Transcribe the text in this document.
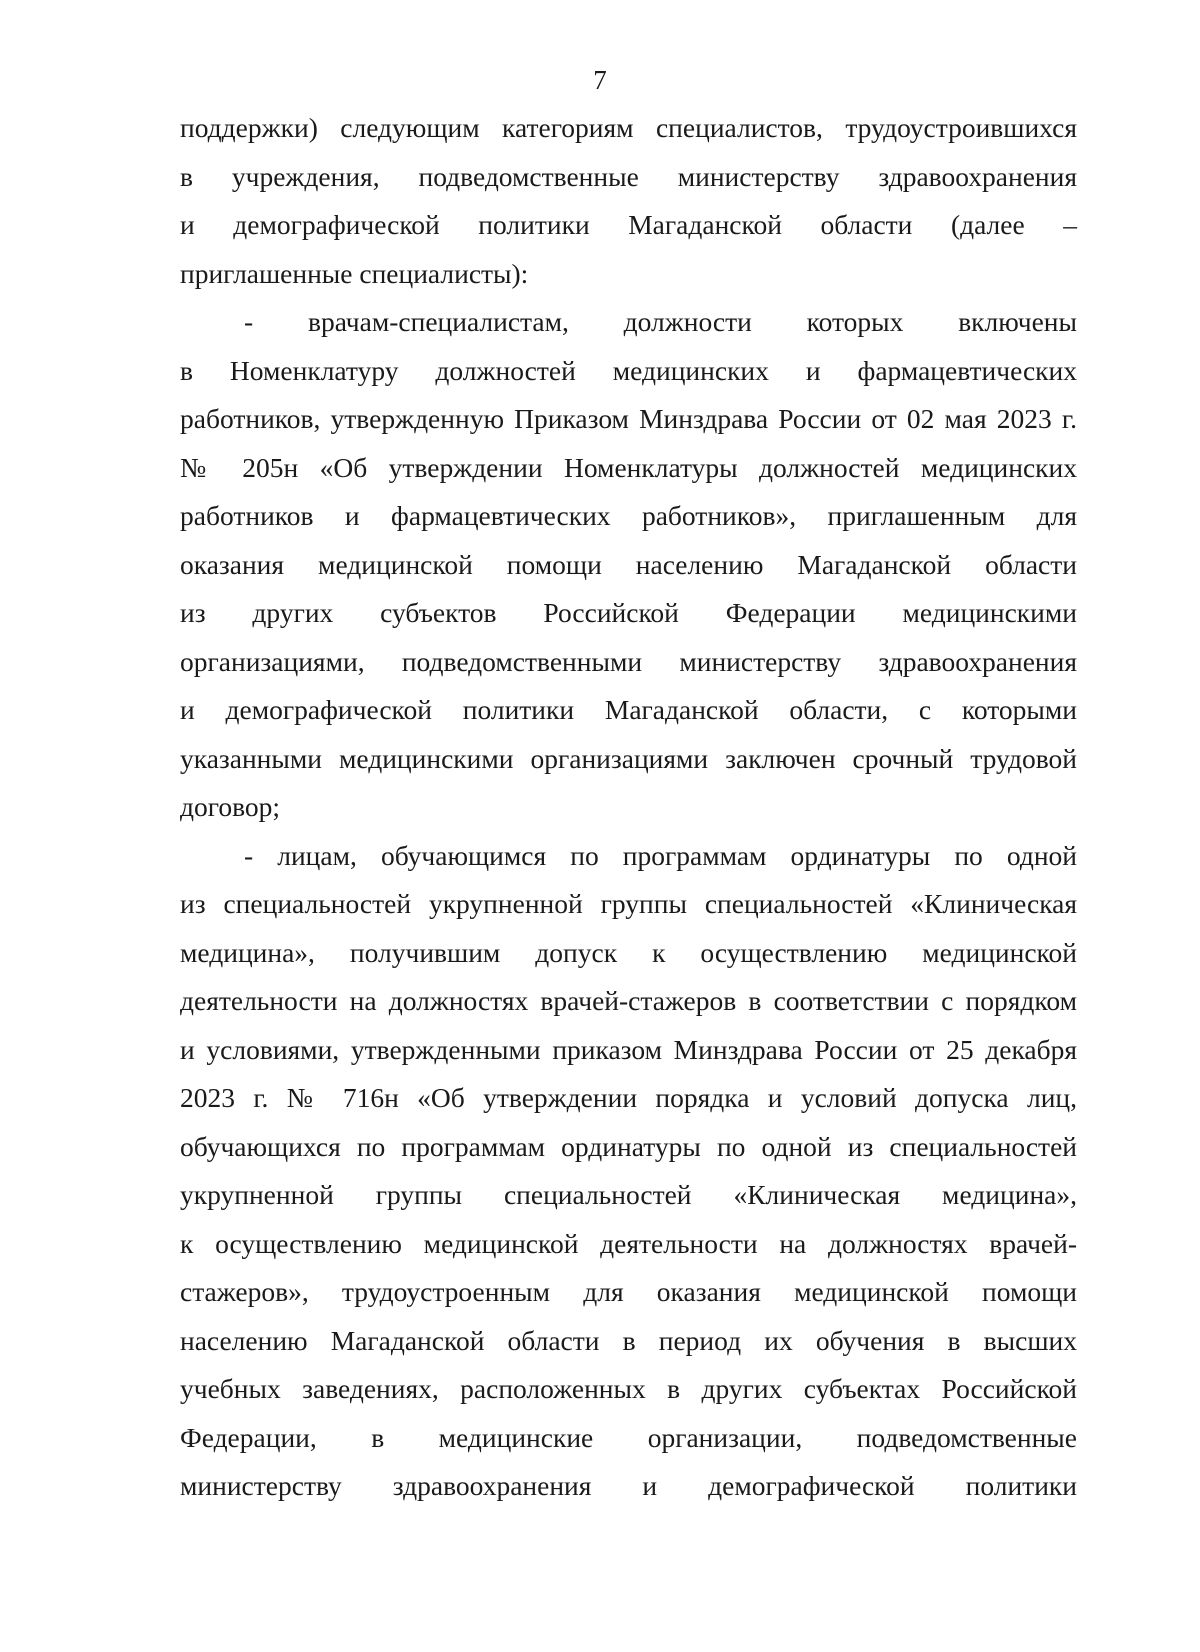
7

поддержки) следующим категориям специалистов, трудоустроившихся

в учреждения, подведомственные министерству здравоохранения

и демографической политики Магаданской области (далее –

приглашенные специалисты):

- врачам-специалистам, должности которых включены

в Номенклатуру должностей медицинских и фармацевтических

работников, утвержденную Приказом Минздрава России от 02 мая 2023 г.

№ 205н «Об утверждении Номенклатуры должностей медицинских

работников и фармацевтических работников», приглашенным для

оказания медицинской помощи населению Магаданской области

из других субъектов Российской Федерации медицинскими

организациями, подведомственными министерству здравоохранения

и демографической политики Магаданской области, с которыми

указанными медицинскими организациями заключен срочный трудовой

договор;

- лицам, обучающимся по программам ординатуры по одной

из специальностей укрупненной группы специальностей «Клиническая

медицина», получившим допуск к осуществлению медицинской

деятельности на должностях врачей-стажеров в соответствии с порядком

и условиями, утвержденными приказом Минздрава России от 25 декабря

2023 г. № 716н «Об утверждении порядка и условий допуска лиц,

обучающихся по программам ординатуры по одной из специальностей

укрупненной группы специальностей «Клиническая медицина»,

к осуществлению медицинской деятельности на должностях врачей-

стажеров», трудоустроенным для оказания медицинской помощи

населению Магаданской области в период их обучения в высших

учебных заведениях, расположенных в других субъектах Российской

Федерации, в медицинские организации, подведомственные

министерству здравоохранения и демографической политики
